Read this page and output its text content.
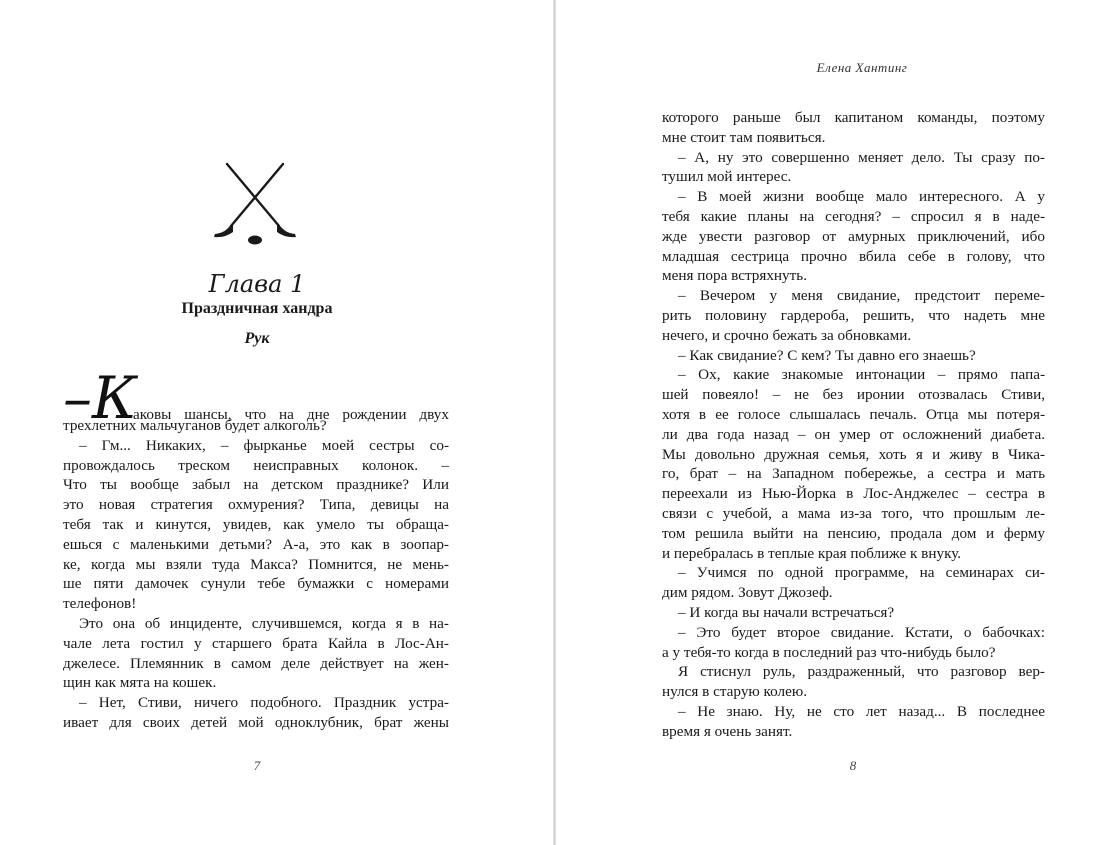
Глава 1
Праздничная хандра
Рук
–К
аковы шансы, что на дне рождении двух
трехлетних мальчуганов будет алкоголь?
– Гм... Никаких, – фырканье моей сестры со-
провождалось треском неисправных колонок. –
Что ты вообще забыл на детском празднике? Или
это новая стратегия охмурения? Типа, девицы на
тебя так и кинутся, увидев, как умело ты обраща-
ешься с маленькими детьми? А-а, это как в зоопар-
ке, когда мы взяли туда Макса? Помнится, не мень-
ше пяти дамочек сунули тебе бумажки с номерами
телефонов!
Это она об инциденте, случившемся, когда я в на-
чале лета гостил у старшего брата Кайла в Лос-Ан-
джелесе. Племянник в самом деле действует на жен-
щин как мята на кошек.
– Нет, Стиви, ничего подобного. Праздник устра-
ивает для своих детей мой одноклубник, брат жены
7
Елена Хантинг
которого раньше был капитаном команды, поэтому
мне стоит там появиться.
– А, ну это совершенно меняет дело. Ты сразу по-
тушил мой интерес.
– В моей жизни вообще мало интересного. А у
тебя какие планы на сегодня? – спросил я в наде-
жде увести разговор от амурных приключений, ибо
младшая сестрица прочно вбила себе в голову, что
меня пора встряхнуть.
– Вечером у меня свидание, предстоит переме-
рить половину гардероба, решить, что надеть мне
нечего, и срочно бежать за обновками.
– Как свидание? С кем? Ты давно его знаешь?
– Ох, какие знакомые интонации – прямо папа-
шей повеяло! – не без иронии отозвалась Стиви,
хотя в ее голосе слышалась печаль. Отца мы потеря-
ли два года назад – он умер от осложнений диабета.
Мы довольно дружная семья, хоть я и живу в Чика-
го, брат – на Западном побережье, а сестра и мать
переехали из Нью-Йорка в Лос-Анджелес – сестра в
связи с учебой, а мама из-за того, что прошлым ле-
том решила выйти на пенсию, продала дом и ферму
и перебралась в теплые края поближе к внуку.
– Учимся по одной программе, на семинарах си-
дим рядом. Зовут Джозеф.
– И когда вы начали встречаться?
– Это будет второе свидание. Кстати, о бабочках:
а у тебя-то когда в последний раз что-нибудь было?
Я стиснул руль, раздраженный, что разговор вер-
нулся в старую колею.
– Не знаю. Ну, не сто лет назад... В последнее
время я очень занят.
8
